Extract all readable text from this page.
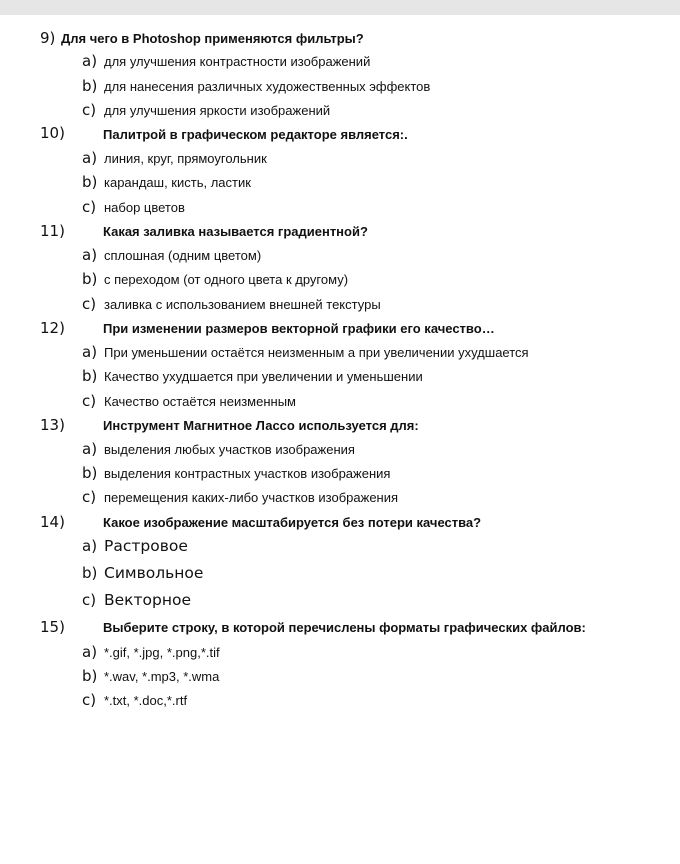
9) Для чего в Photoshop применяются фильтры?
a) для улучшения контрастности изображений
b) для нанесения различных художественных эффектов
c) для улучшения яркости изображений
10)	Палитрой в графическом редакторе является:.
a) линия, круг, прямоугольник
b) карандаш, кисть, ластик
c) набор цветов
11)	Какая заливка называется градиентной?
a) сплошная (одним цветом)
b) с переходом (от одного цвета к другому)
c) заливка с использованием внешней текстуры
12)	При изменении размеров векторной графики его качество…
a) При уменьшении остаётся неизменным а при увеличении ухудшается
b) Качество ухудшается при увеличении и уменьшении
c) Качество остаётся неизменным
13)	Инструмент Магнитное Лассо используется для:
a) выделения любых участков изображения
b) выделения контрастных участков изображения
c) перемещения каких-либо участков изображения
14)	Какое изображение масштабируется без потери качества?
a) Растровое
b) Символьное
c) Векторное
15)	Выберите строку, в которой перечислены форматы графических файлов:
a) *.gif, *.jpg, *.png,*.tif
b) *.wav, *.mp3, *.wma
c) *.txt, *.doc,*.rtf
